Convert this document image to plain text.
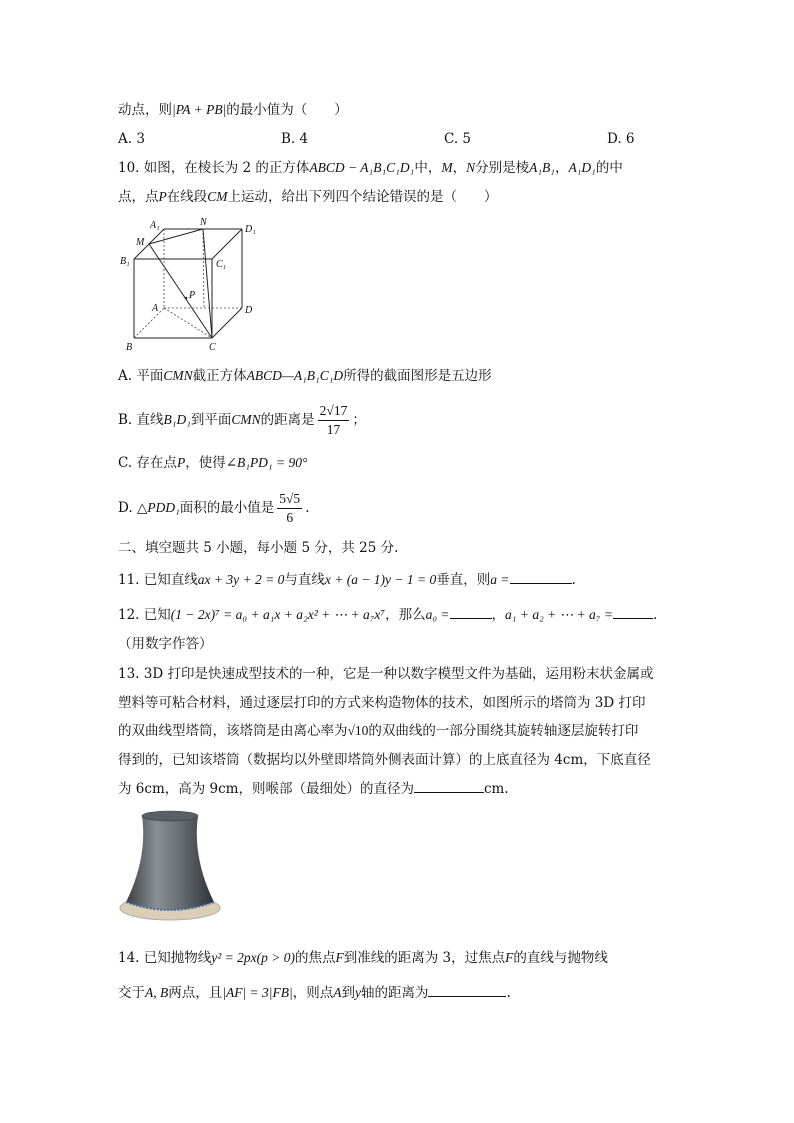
动点，则|PA + PB|的最小值为（　　）
A. 3	B. 4	C. 5	D. 6
10. 如图，在棱长为 2 的正方体ABCD − A₁B₁C₁D₁中，M，N分别是棱A₁B₁，A₁D₁的中
点，点P在线段CM上运动，给出下列四个结论错误的是（　　）
A₁	N
D₁
M
B₁	C₁
P
A	D
B	C
A. 平面CMN截正方体ABCD—A₁B₁C₁D所得的截面图形是五边形
B. 直线B₁D₁到平面CMN的距离是 $\frac{2√17}{17}$ ；
C. 存在点P，使得∠B₁PD₁ = 90°
D. △PDD₁面积的最小值是 $\frac{5√5}{6}$ .
二、填空题共 5 小题，每小题 5 分，共 25 分.
11. 已知直线ax + 3y + 2 = 0与直线x + (a − 1)y − 1 = 0垂直，则a =	.
12. 已知(1 − 2x)⁷ = a₀ + a₁x + a₂x² + ⋯ + a₇x⁷，那么a₀ =	，a₁ + a₂ + ⋯ + a₇ =	.
（用数字作答）
13. 3D 打印是快速成型技术的一种，它是一种以数字模型文件为基础，运用粉末状金属或
塑料等可粘合材料，通过逐层打印的方式来构造物体的技术，如图所示的塔筒为 3D 打印
的双曲线型塔筒，该塔筒是由离心率为√10的双曲线的一部分围绕其旋转轴逐层旋转打印
得到的，已知该塔筒（数据均以外壁即塔筒外侧表面计算）的上底直径为 4cm，下底直径
为 6cm，高为 9cm，则喉部（最细处）的直径为	cm.
14. 已知抛物线y² = 2px(p > 0)的焦点F到准线的距离为 3，过焦点F的直线与抛物线
交于A, B两点，且|AF| = 3|FB|，则点A到y轴的距离为	.
